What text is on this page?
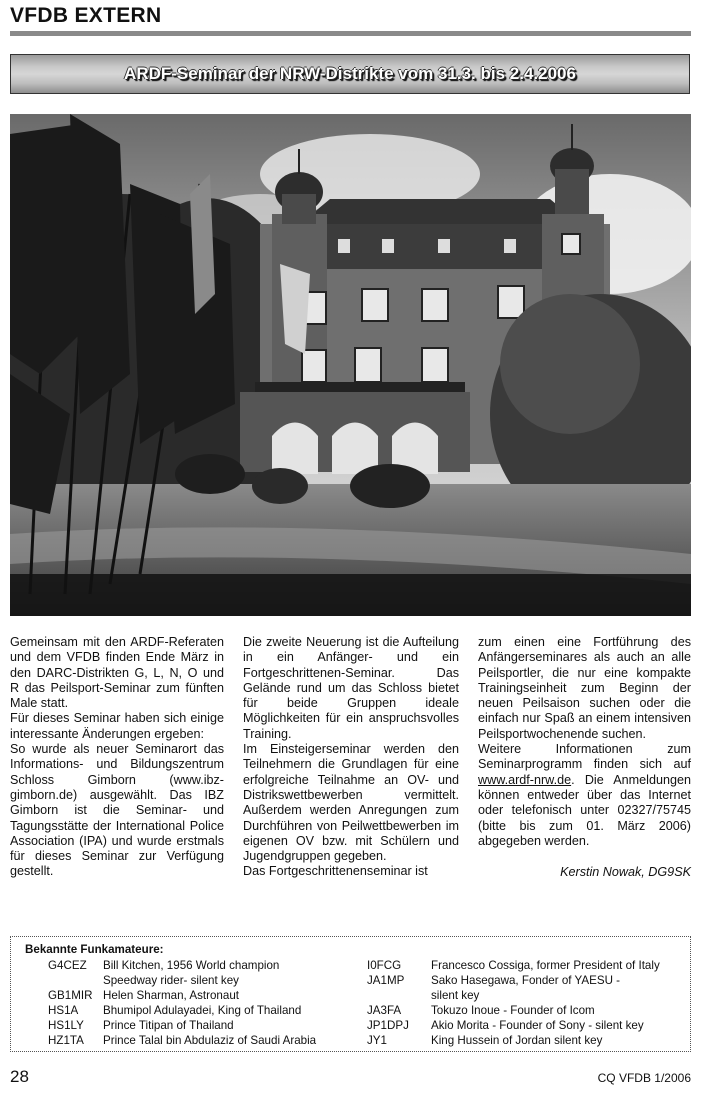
VFDB EXTERN
ARDF-Seminar der NRW-Distrikte vom 31.3. bis 2.4.2006

Gemeinsam mit den ARDF-Referaten und dem VFDB finden Ende März in den DARC-Distrikten G, L, N, O und R das Peilsport-Seminar zum fünften Male statt.

Für dieses Seminar haben sich einige interessante Änderungen ergeben:

So wurde als neuer Seminarort das Informations- und Bildungszentrum Schloss Gimborn (www.ibz-gimborn.de) ausgewählt. Das IBZ Gimborn ist die Seminar- und Tagungsstätte der International Police Association (IPA) und wurde erstmals für dieses Seminar zur Verfügung gestellt.

Die zweite Neuerung ist die Aufteilung in ein Anfänger- und ein Fortgeschrittenen-Seminar. Das Gelände rund um das Schloss bietet für beide Gruppen ideale Möglichkeiten für ein anspruchsvolles Training.

Im Einsteigerseminar werden den Teilnehmern die Grundlagen für eine erfolgreiche Teilnahme an OV- und Distrikswettbewerben vermittelt. Außerdem werden Anregungen zum Durchführen von Peilwettbewerben im eigenen OV bzw. mit Schülern und Jugendgruppen gegeben.

Das Fortgeschrittenenseminar ist

zum einen eine Fortführung des Anfängerseminares als auch an alle Peilsportler, die nur eine kompakte Trainingseinheit zum Beginn der neuen Peilsaison suchen oder die einfach nur Spaß an einem intensiven Peilsportwochenende suchen.

Weitere Informationen zum Seminarprogramm finden sich auf www.ardf-nrw.de. Die Anmeldungen können entweder über das Internet oder telefonisch unter 02327/75745 (bitte bis zum 01. März 2006) abgegeben werden.

Kerstin Nowak, DG9SK

Bekannte Funkamateure:
G4CEZ Bill Kitchen, 1956 World champion
Speedway rider- silent key
GB1MIR Helen Sharman, Astronaut
HS1A Bhumipol Adulayadei, King of Thailand
HS1LY Prince Titipan of Thailand
HZ1TA Prince Talal bin Abdulaziz of Saudi Arabia
I0FCG	Francesco Cossiga, former President of Italy
JA1MP Sako Hasegawa, Fonder of YAESU -
silent key
JA3FA	Tokuzo Inoue - Founder of Icom
JP1DPJ Akio Morita - Founder of Sony - silent key
JY1	King Hussein of Jordan silent key
28	CQ VFDB 1/2006
